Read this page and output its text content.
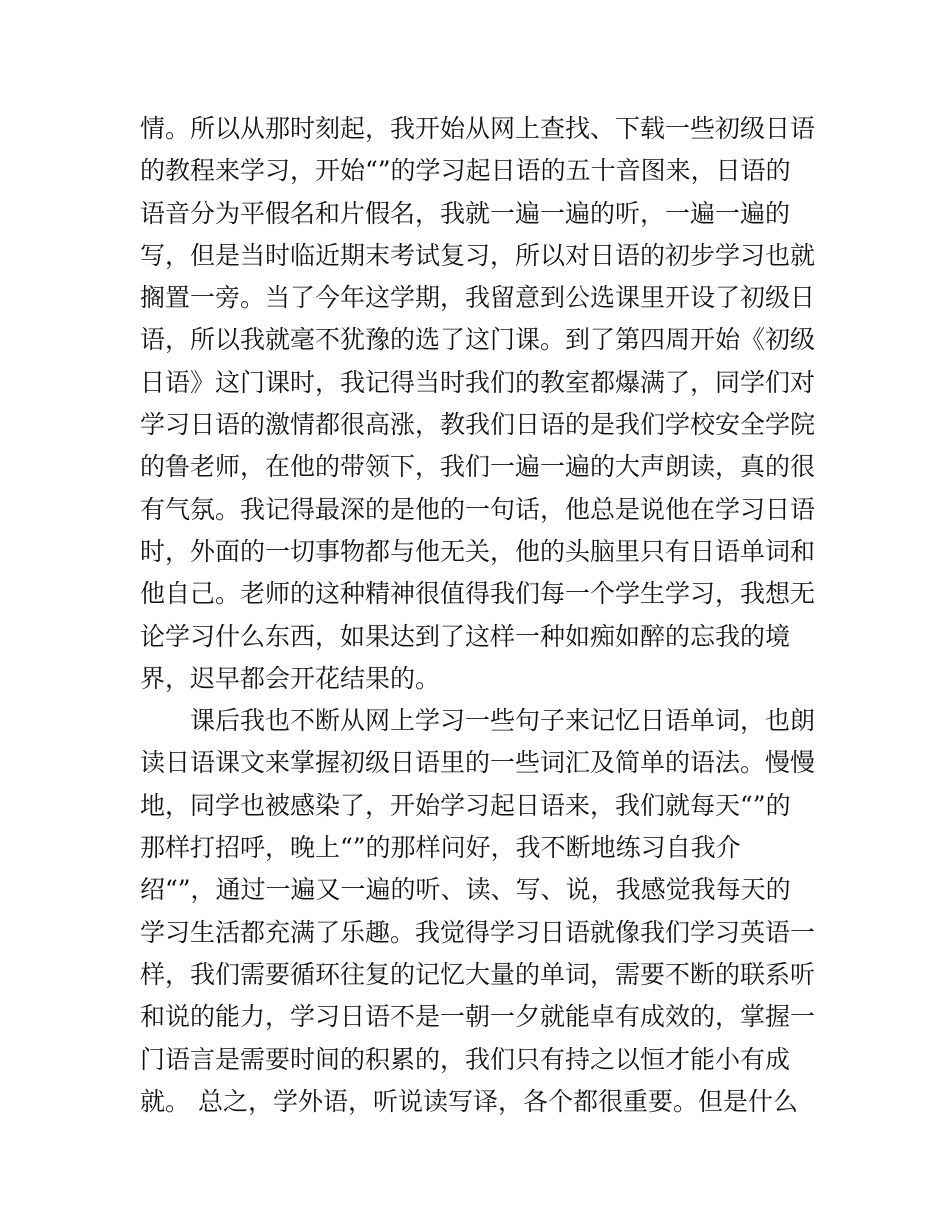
情。所以从那时刻起，我开始从网上查找、下载一些初级日语
的教程来学习，开始“”的学习起日语的五十音图来，日语的
语音分为平假名和片假名，我就一遍一遍的听，一遍一遍的
写，但是当时临近期末考试复习，所以对日语的初步学习也就
搁置一旁。当了今年这学期，我留意到公选课里开设了初级日
语，所以我就毫不犹豫的选了这门课。到了第四周开始《初级
日语》这门课时，我记得当时我们的教室都爆满了，同学们对
学习日语的激情都很高涨，教我们日语的是我们学校安全学院
的鲁老师，在他的带领下，我们一遍一遍的大声朗读，真的很
有气氛。我记得最深的是他的一句话，他总是说他在学习日语
时，外面的一切事物都与他无关，他的头脑里只有日语单词和
他自己。老师的这种精神很值得我们每一个学生学习，我想无
论学习什么东西，如果达到了这样一种如痴如醉的忘我的境
界，迟早都会开花结果的。
　　课后我也不断从网上学习一些句子来记忆日语单词，也朗
读日语课文来掌握初级日语里的一些词汇及简单的语法。慢慢
地，同学也被感染了，开始学习起日语来，我们就每天“”的
那样打招呼，晚上“”的那样问好，我不断地练习自我介
绍“”，通过一遍又一遍的听、读、写、说，我感觉我每天的
学习生活都充满了乐趣。我觉得学习日语就像我们学习英语一
样，我们需要循环往复的记忆大量的单词，需要不断的联系听
和说的能力，学习日语不是一朝一夕就能卓有成效的，掌握一
门语言是需要时间的积累的，我们只有持之以恒才能小有成
就。 总之，学外语，听说读写译，各个都很重要。但是什么
